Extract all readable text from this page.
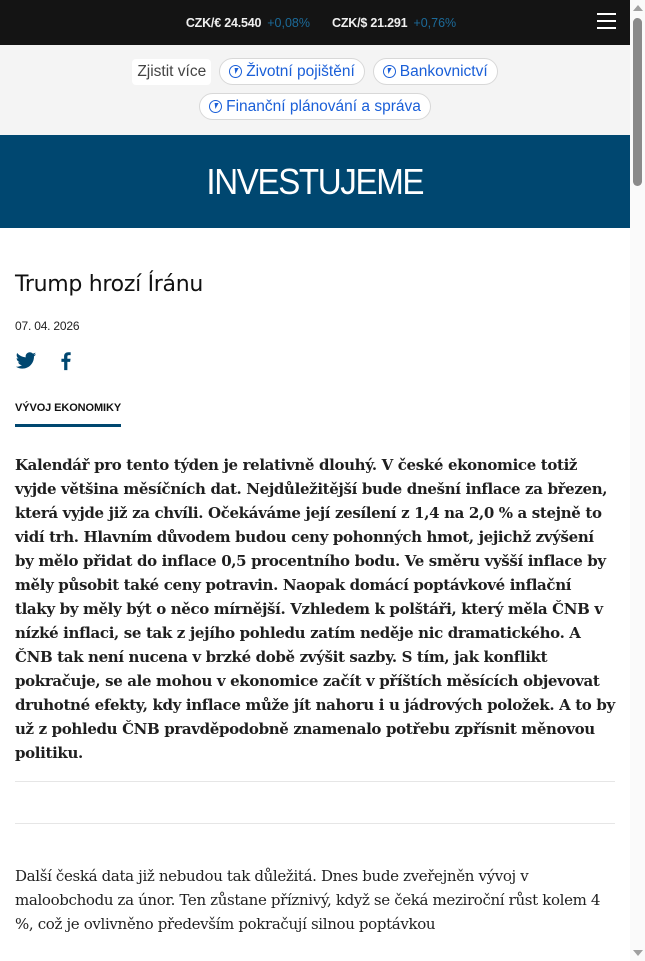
CZK/€ 24.540 +0,08% CZK/$ 21.291 +0,76%
Zjistit více	Životní pojištění	Bankovnictví
Finanční plánování a správa
INVESTUJEME
Trump hrozí Íránu
07. 04. 2026
VÝVOJ EKONOMIKY

Kalendář pro tento týden je relativně dlouhý. V české ekonomice totiž vyjde většina měsíčních dat. Nejdůležitější bude dnešní inflace za březen, která vyjde již za chvíli. Očekáváme její zesílení z 1,4 na 2,0 % a stejně to vidí trh. Hlavním důvodem budou ceny pohonných hmot, jejichž zvýšení by mělo přidat do inflace 0,5 procentního bodu. Ve směru vyšší inflace by měly působit také ceny potravin. Naopak domácí poptávkové inflační tlaky by měly být o něco mírnější. Vzhledem k polštáři, který měla ČNB v nízké inflaci, se tak z jejího pohledu zatím neděje nic dramatického. A ČNB tak není nucena v brzké době zvýšit sazby. S tím, jak konflikt pokračuje, se ale mohou v ekonomice začít v příštích měsících objevovat druhotné efekty, kdy inflace může jít nahoru i u jádrových položek. A to by už z pohledu ČNB pravděpodobně znamenalo potřebu zpřísnit měnovou politiku.

Další česká data již nebudou tak důležitá. Dnes bude zveřejněn vývoj v maloobchodu za únor. Ten zůstane příznivý, když se čeká meziroční růst kolem 4 %, což je ovlivněno především pokračují silnou poptávkou
